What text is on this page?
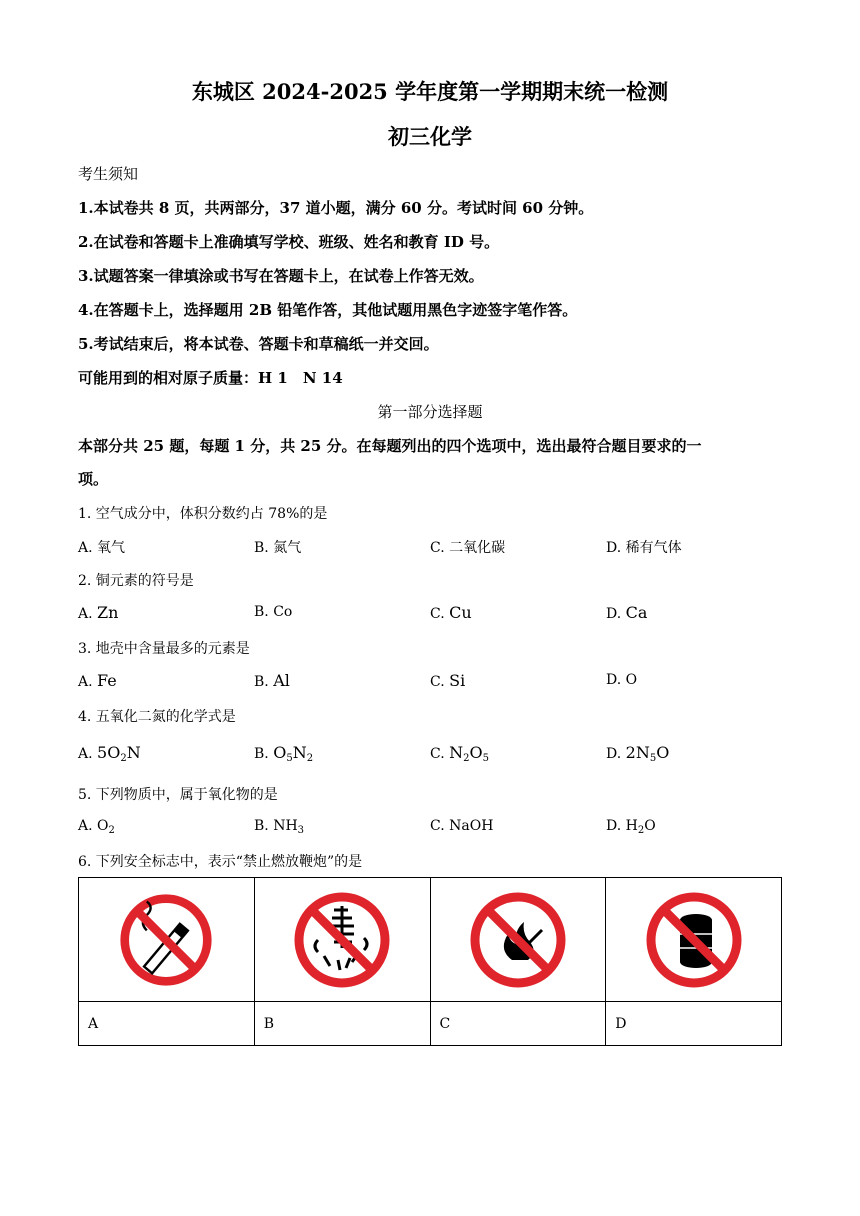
东城区 2024-2025 学年度第一学期期末统一检测
初三化学
考生须知
1.本试卷共 8 页，共两部分，37 道小题，满分 60 分。考试时间 60 分钟。
2.在试卷和答题卡上准确填写学校、班级、姓名和教育 ID 号。
3.试题答案一律填涂或书写在答题卡上，在试卷上作答无效。
4.在答题卡上，选择题用 2B 铅笔作答，其他试题用黑色字迹签字笔作答。
5.考试结束后，将本试卷、答题卡和草稿纸一并交回。
可能用到的相对原子质量：H 1　N 14
第一部分选择题
本部分共 25 题，每题 1 分，共 25 分。在每题列出的四个选项中，选出最符合题目要求的一
项。
1. 空气成分中，体积分数约占 78%的是
A. 氧气	B. 氮气	C. 二氧化碳	D. 稀有气体
2. 铜元素的符号是
A. Zn	B. Co	C. Cu	D. Ca
3. 地壳中含量最多的元素是
A. Fe	B. Al	C. Si	D. O
4. 五氧化二氮的化学式是
A. $5O_2N$	B. $O_5N_2$	C. $N_2O_5$	D. $2N_5O$
5. 下列物质中，属于氧化物的是
A. $O_2$	B. $NH_3$	C. NaOH	D. $H_2O$
6. 下列安全标志中，表示“禁止燃放鞭炮”的是

A	B	C	D
